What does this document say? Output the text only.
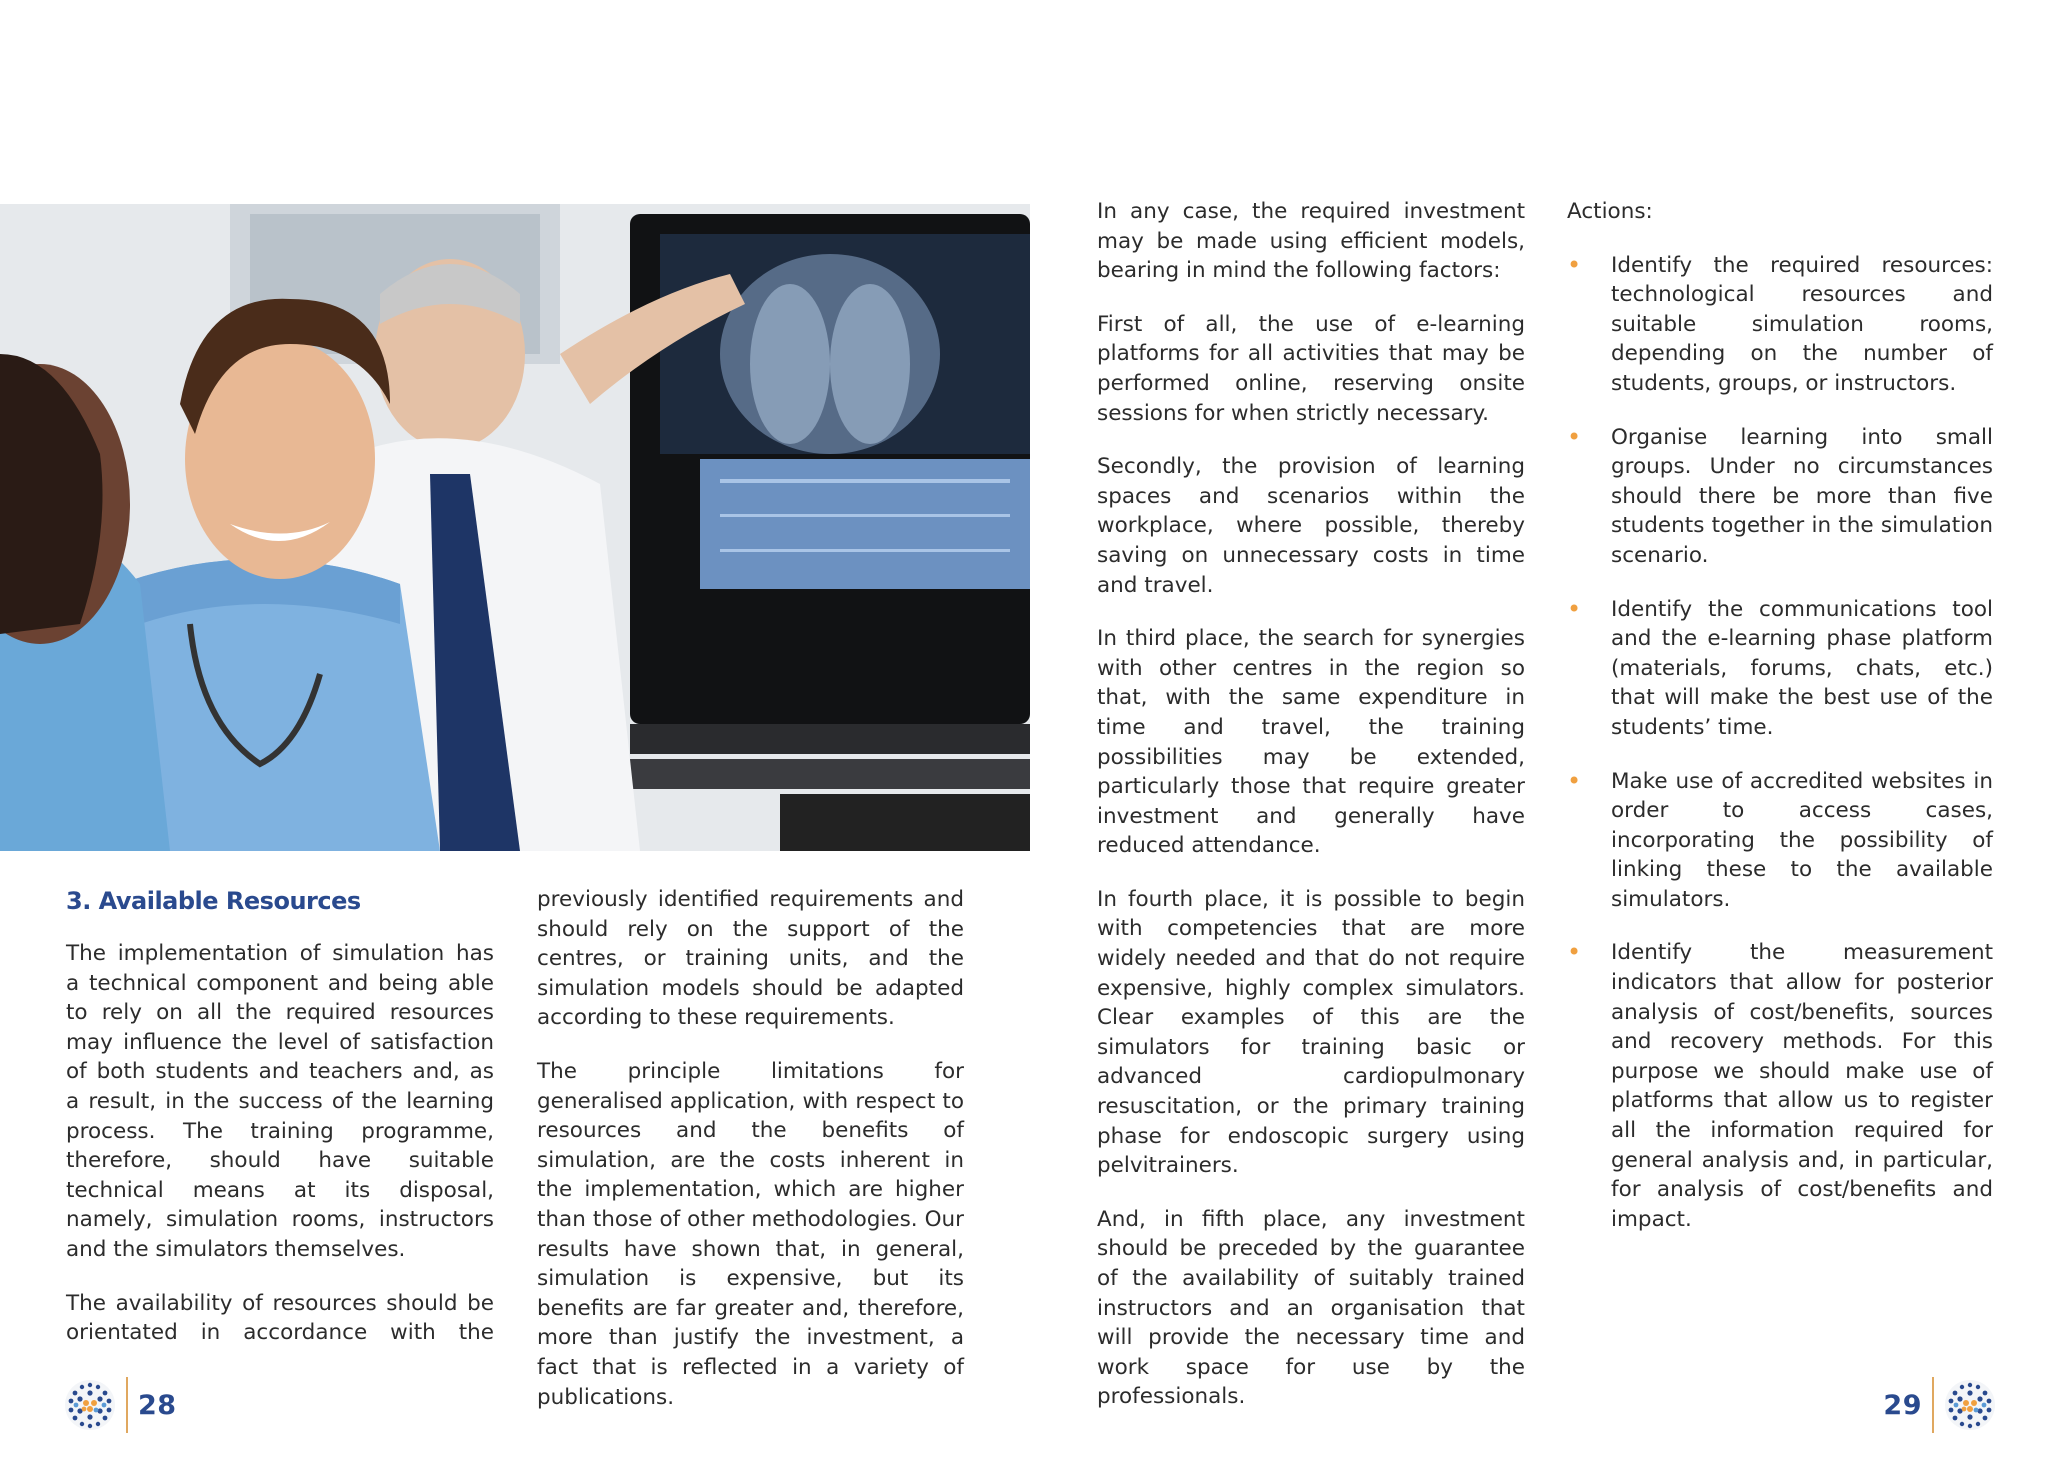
3. Available Resources

The implementation of simulation has a technical component and being able to rely on all the required resources may influence the level of satisfaction of both students and teachers and, as a result, in the success of the learning process. The training programme, therefore, should have suitable technical means at its disposal, namely, simulation rooms, instructors and the simulators themselves.

The availability of resources should be orientated in accordance with the

previously identified requirements and should rely on the support of the centres, or training units, and the simulation models should be adapted according to these requirements.

The principle limitations for generalised application, with respect to resources and the benefits of simulation, are the costs inherent in the implementation, which are higher than those of other methodologies. Our results have shown that, in general, simulation is expensive, but its benefits are far greater and, therefore, more than justify the investment, a fact that is reflected in a variety of publications.

In any case, the required investment may be made using efficient models, bearing in mind the following factors:

First of all, the use of e-learning platforms for all activities that may be performed online, reserving onsite sessions for when strictly necessary.

Secondly, the provision of learning spaces and scenarios within the workplace, where possible, thereby saving on unnecessary costs in time and travel.

In third place, the search for synergies with other centres in the region so that, with the same expenditure in time and travel, the training possibilities may be extended, particularly those that require greater investment and generally have reduced attendance.

In fourth place, it is possible to begin with competencies that are more widely needed and that do not require expensive, highly complex simulators. Clear examples of this are the simulators for training basic or advanced cardiopulmonary resuscitation, or the primary training phase for endoscopic surgery using pelvitrainers.

And, in fifth place, any investment should be preceded by the guarantee of the availability of suitably trained instructors and an organisation that will provide the necessary time and work space for use by the professionals.

Actions:

• Identify the required resources: technological resources and suitable simulation rooms, depending on the number of students, groups, or instructors.
• Organise learning into small groups. Under no circumstances should there be more than five students together in the simulation scenario.
• Identify the communications tool and the e-learning phase platform (materials, forums, chats, etc.) that will make the best use of the students’ time.
• Make use of accredited websites in order to access cases, incorporating the possibility of linking these to the available simulators.
• Identify the measurement indicators that allow for posterior analysis of cost/benefits, sources and recovery methods. For this purpose we should make use of platforms that allow us to register all the information required for general analysis and, in particular, for analysis of cost/benefits and impact.
28	29
